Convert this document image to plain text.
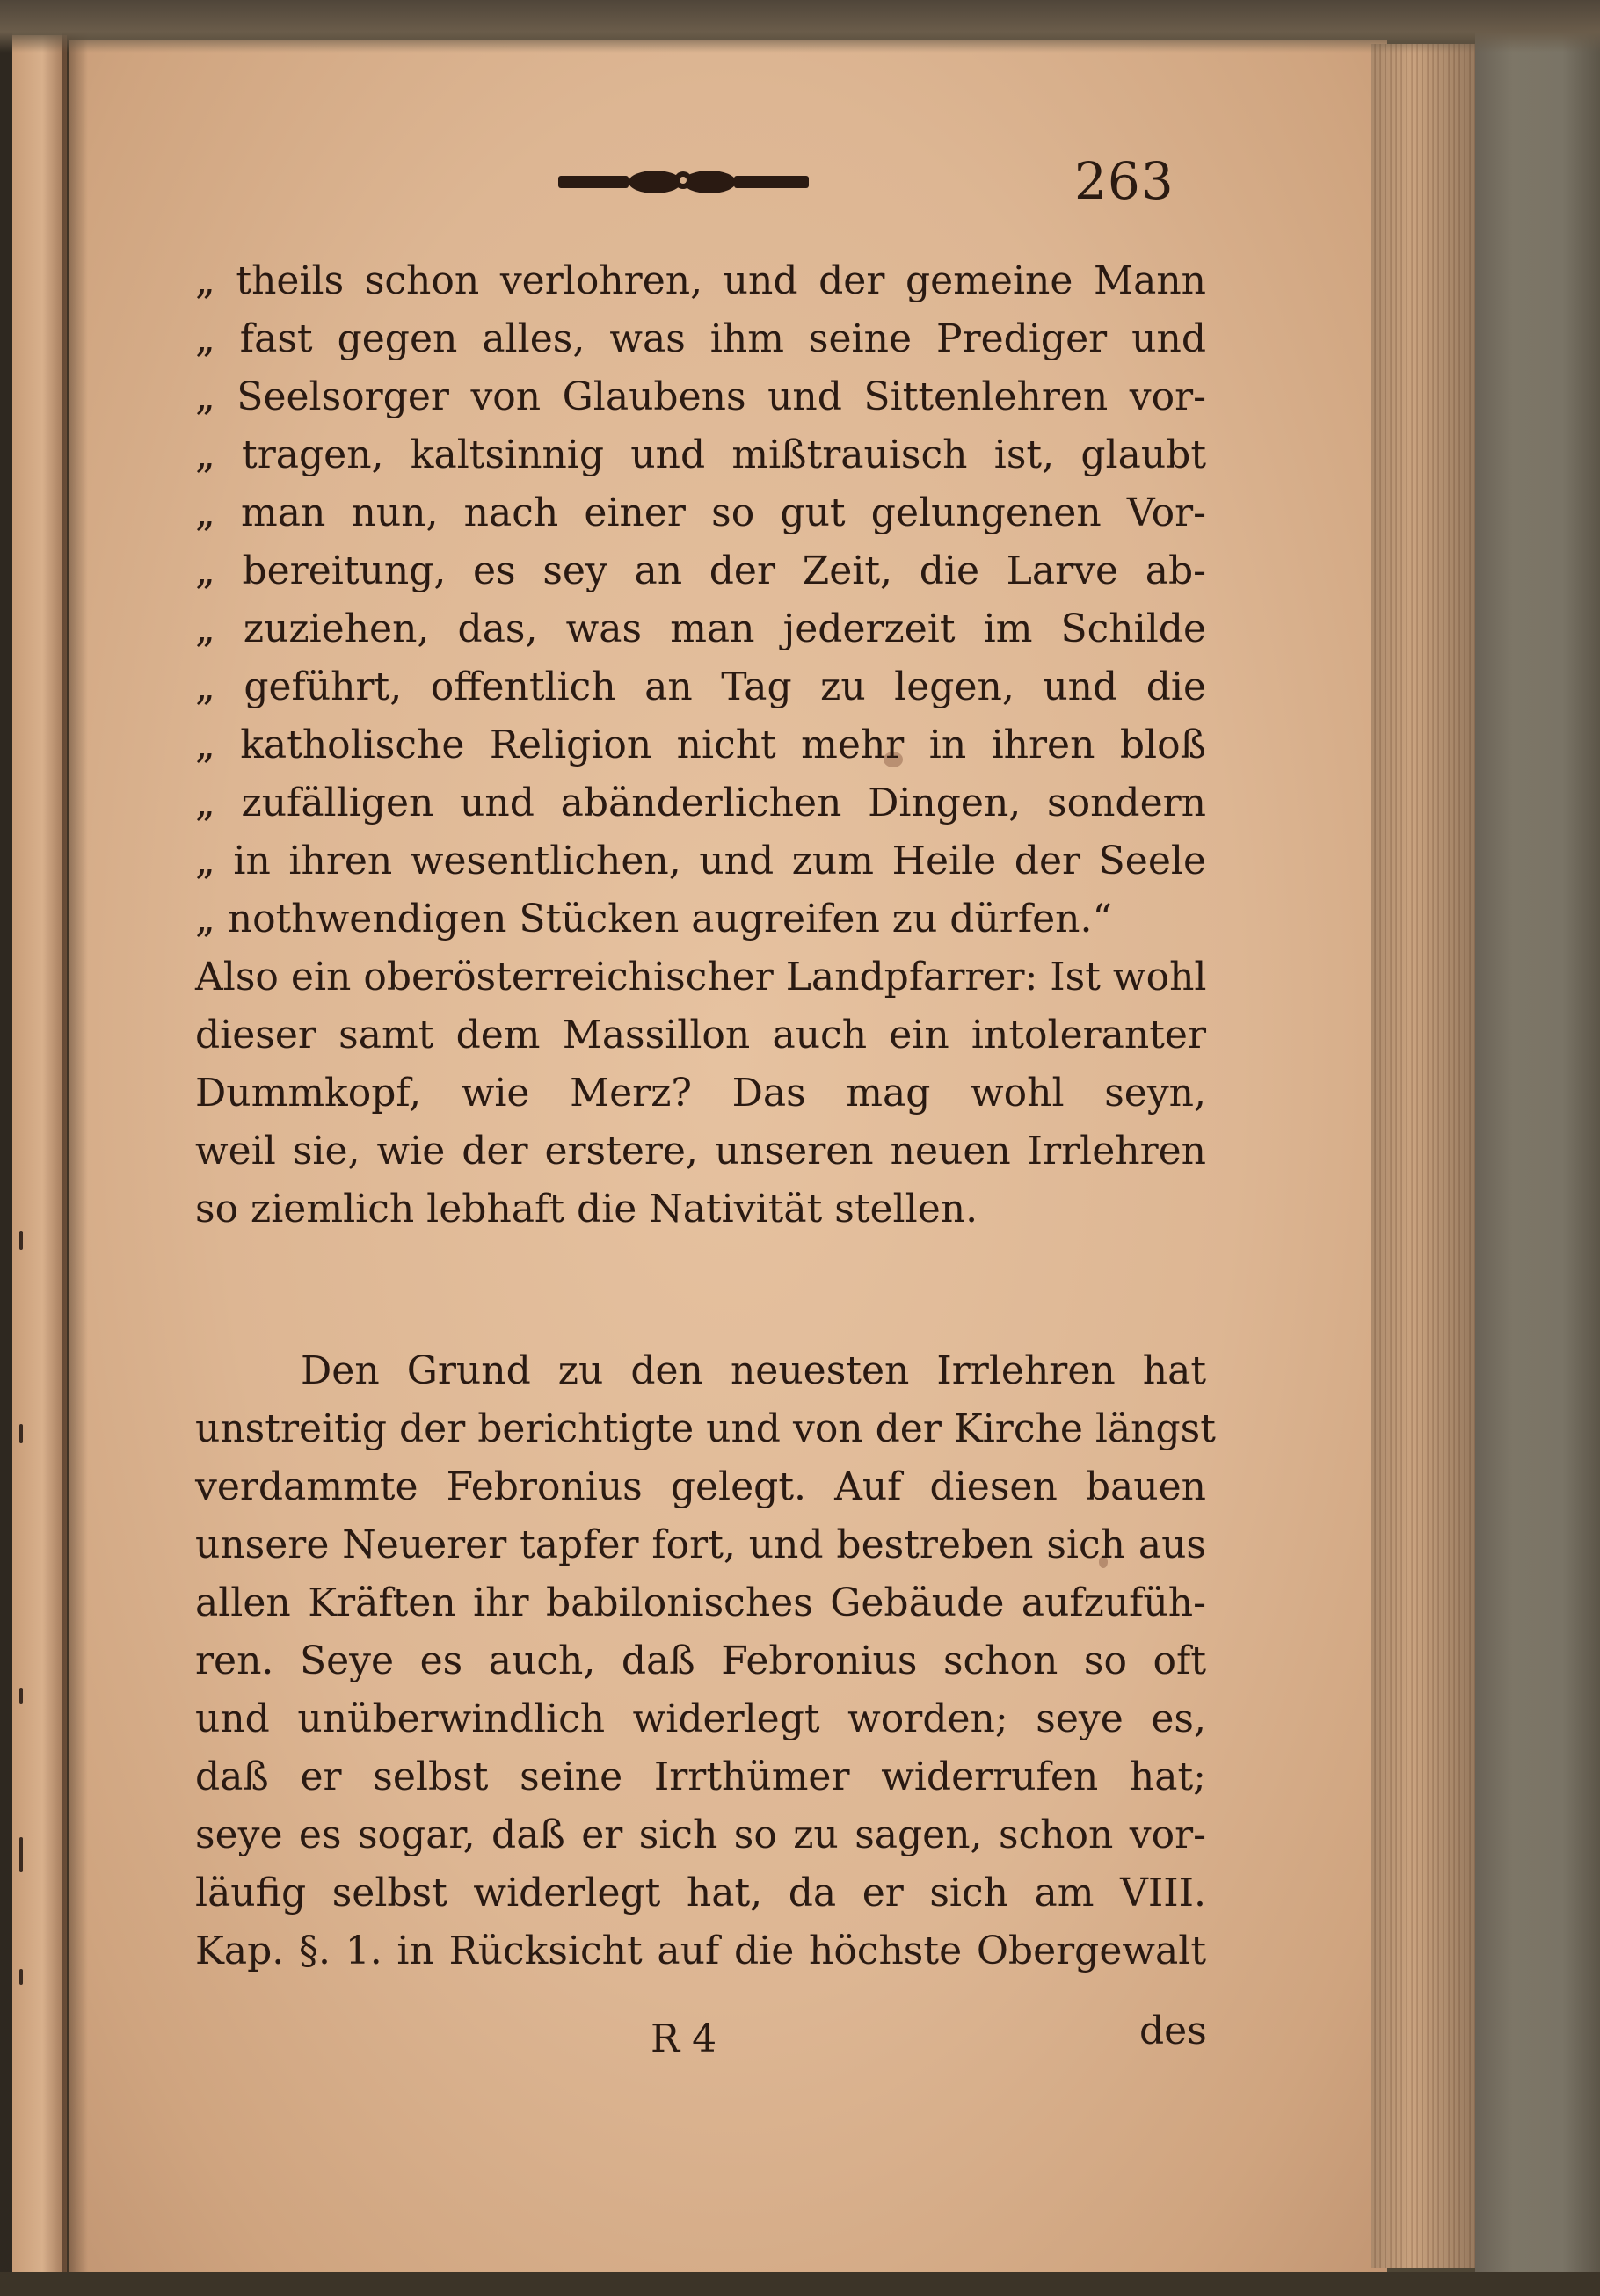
263
„ theils schon verlohren, und der gemeine Mann
„ fast gegen alles, was ihm seine Prediger und
„ Seelsorger von Glaubens und Sittenlehren vor-
„ tragen, kaltsinnig und mißtrauisch ist, glaubt
„ man nun, nach einer so gut gelungenen Vor-
„ bereitung, es sey an der Zeit, die Larve ab-
„ zuziehen, das, was man jederzeit im Schilde
„ geführt, offentlich an Tag zu legen, und die
„ katholische Religion nicht mehr in ihren bloß
„ zufälligen und abänderlichen Dingen, sondern
„ in ihren wesentlichen, und zum Heile der Seele
„ nothwendigen Stücken augreifen zu dürfen.“
Also ein oberösterreichischer Landpfarrer: Ist wohl
dieser samt dem Massillon auch ein intoleranter
Dummkopf, wie Merz? Das mag wohl seyn,
weil sie, wie der erstere, unseren neuen Irrlehren
so ziemlich lebhaft die Nativität stellen.
Den Grund zu den neuesten Irrlehren hat
unstreitig der berichtigte und von der Kirche längst
verdammte Febronius gelegt. Auf diesen bauen
unsere Neuerer tapfer fort, und bestreben sich aus
allen Kräften ihr babilonisches Gebäude aufzufüh-
ren. Seye es auch, daß Febronius schon so oft
und unüberwindlich widerlegt worden; seye es,
daß er selbst seine Irrthümer widerrufen hat;
seye es sogar, daß er sich so zu sagen, schon vor-
läufig selbst widerlegt hat, da er sich am VIII.
Kap. §. 1. in Rücksicht auf die höchste Obergewalt
R 4	des
